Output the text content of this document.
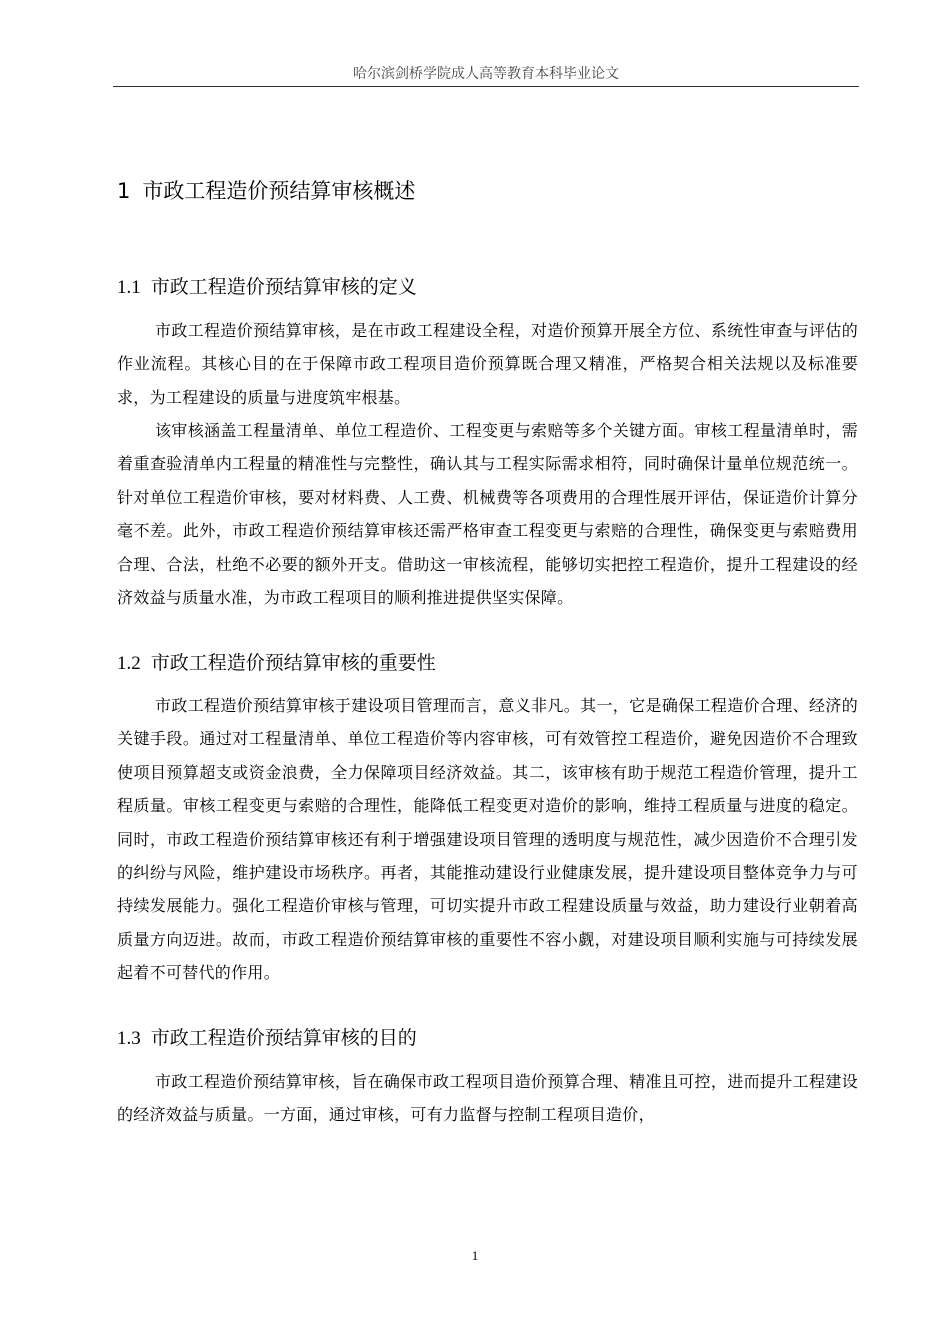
哈尔滨剑桥学院成人高等教育本科毕业论文
1 市政工程造价预结算审核概述
1.1 市政工程造价预结算审核的定义

市政工程造价预结算审核，是在市政工程建设全程，对造价预算开展全方位、系统性审查与评估的作业流程。其核心目的在于保障市政工程项目造价预算既合理又精准，严格契合相关法规以及标准要求，为工程建设的质量与进度筑牢根基。

该审核涵盖工程量清单、单位工程造价、工程变更与索赔等多个关键方面。审核工程量清单时，需着重查验清单内工程量的精准性与完整性，确认其与工程实际需求相符，同时确保计量单位规范统一。针对单位工程造价审核，要对材料费、人工费、机械费等各项费用的合理性展开评估，保证造价计算分毫不差。此外，市政工程造价预结算审核还需严格审查工程变更与索赔的合理性，确保变更与索赔费用合理、合法，杜绝不必要的额外开支。借助这一审核流程，能够切实把控工程造价，提升工程建设的经济效益与质量水准，为市政工程项目的顺利推进提供坚实保障。

1.2 市政工程造价预结算审核的重要性

市政工程造价预结算审核于建设项目管理而言，意义非凡。其一，它是确保工程造价合理、经济的关键手段。通过对工程量清单、单位工程造价等内容审核，可有效管控工程造价，避免因造价不合理致使项目预算超支或资金浪费，全力保障项目经济效益。其二，该审核有助于规范工程造价管理，提升工程质量。审核工程变更与索赔的合理性，能降低工程变更对造价的影响，维持工程质量与进度的稳定。同时，市政工程造价预结算审核还有利于增强建设项目管理的透明度与规范性，减少因造价不合理引发的纠纷与风险，维护建设市场秩序。再者，其能推动建设行业健康发展，提升建设项目整体竞争力与可持续发展能力。强化工程造价审核与管理，可切实提升市政工程建设质量与效益，助力建设行业朝着高质量方向迈进。故而，市政工程造价预结算审核的重要性不容小觑，对建设项目顺利实施与可持续发展起着不可替代的作用。

1.3 市政工程造价预结算审核的目的

市政工程造价预结算审核，旨在确保市政工程项目造价预算合理、精准且可控，进而提升工程建设的经济效益与质量。一方面，通过审核，可有力监督与控制工程项目造价，

1
